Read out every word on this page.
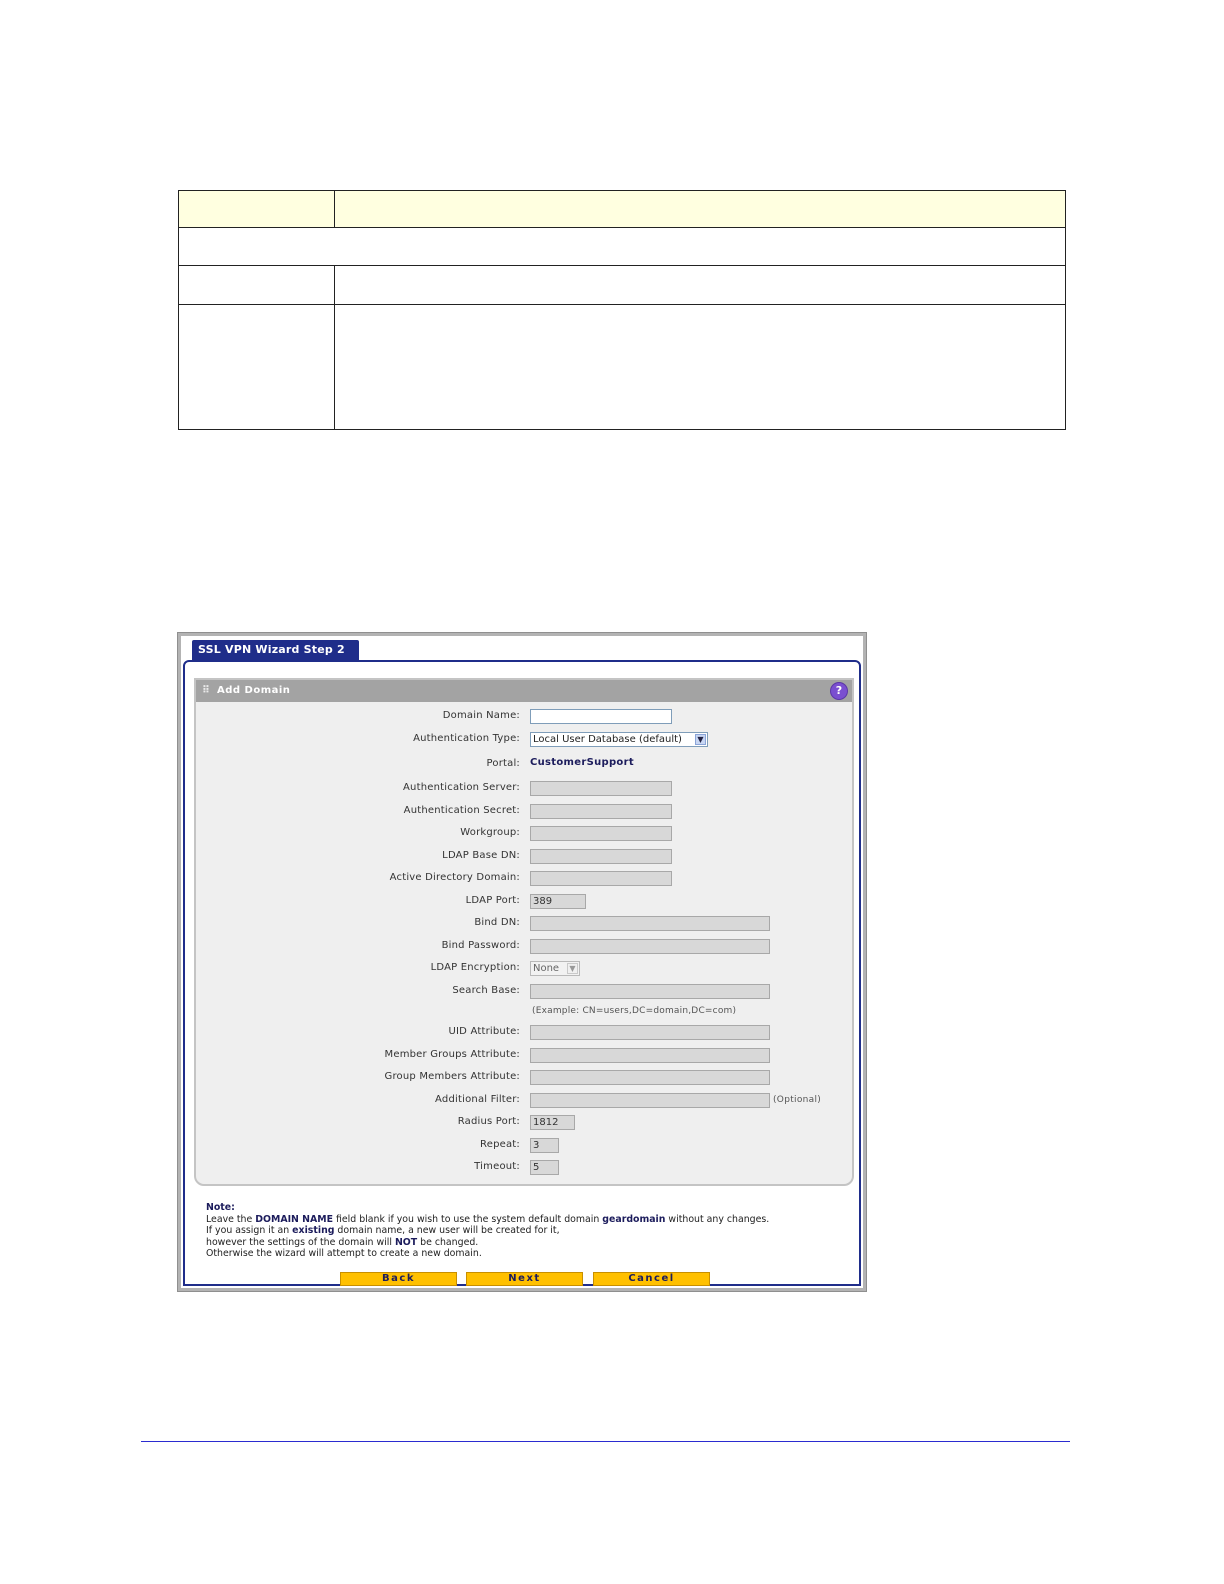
SSL VPN Wizard Step 2
⠿ Add Domain	?
Domain Name:
Authentication Type:	Local User Database (default)	▼
Portal: CustomerSupport
Authentication Server:
Authentication Secret:
Workgroup:
LDAP Base DN:
Active Directory Domain:
LDAP Port:	389
Bind DN:
Bind Password:
LDAP Encryption:	None	▼
Search Base:
(Example: CN=users,DC=domain,DC=com)
UID Attribute:
Member Groups Attribute:
Group Members Attribute:
Additional Filter:	(Optional)
Radius Port:	1812
Repeat:	3
Timeout:	5
Note:
Leave the DOMAIN NAME field blank if you wish to use the system default domain geardomain without any changes.
If you assign it an existing domain name, a new user will be created for it,
however the settings of the domain will NOT be changed.
Otherwise the wizard will attempt to create a new domain.
Back	Next	Cancel
